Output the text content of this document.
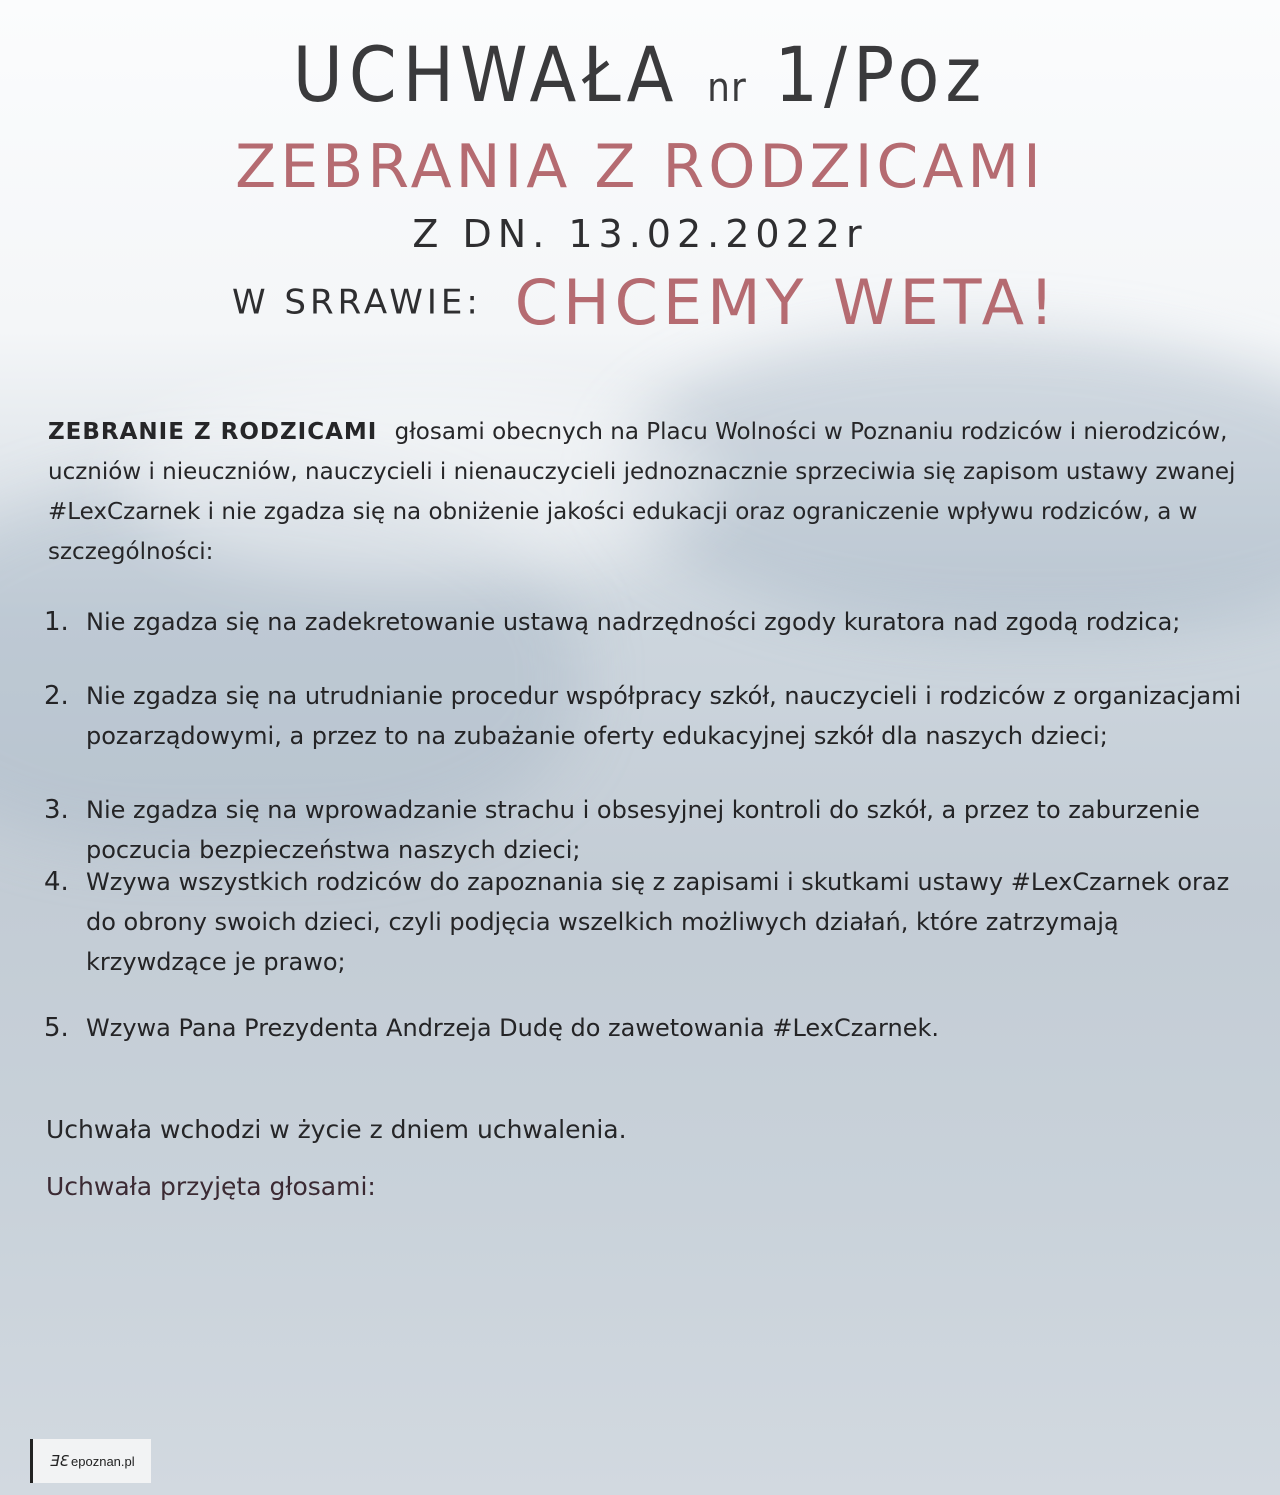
UCHWAŁA nr 1/Poz
ZEBRANIA Z RODZICAMI
Z DN. 13.02.2022r
W SRRAWIE: CHCEMY WETA!

ZEBRANIE Z RODZICAMI głosami obecnych na Placu Wolności w Poznaniu rodziców i nierodziców, uczniów i nieuczniów, nauczycieli i nienauczycieli jednoznacznie sprzeciwia się zapisom ustawy zwanej #LexCzarnek i nie zgadza się na obniżenie jakości edukacji oraz ograniczenie wpływu rodziców, a w szczególności:

1. Nie zgadza się na zadekretowanie ustawą nadrzędności zgody kuratora nad zgodą rodzica;
2. Nie zgadza się na utrudnianie procedur współpracy szkół, nauczycieli i rodziców z organizacjami pozarządowymi, a przez to na zubażanie oferty edukacyjnej szkół dla naszych dzieci;
3. Nie zgadza się na wprowadzanie strachu i obsesyjnej kontroli do szkół, a przez to zaburzenie poczucia bezpieczeństwa naszych dzieci;
4. Wzywa wszystkich rodziców do zapoznania się z zapisami i skutkami ustawy #LexCzarnek oraz do obrony swoich dzieci, czyli podjęcia wszelkich możliwych działań, które zatrzymają krzywdzące je prawo;
5. Wzywa Pana Prezydenta Andrzeja Dudę do zawetowania #LexCzarnek.
Uchwała wchodzi w życie z dniem uchwalenia.
Uchwała przyjęta głosami:
ƎƐ epoznan.pl
